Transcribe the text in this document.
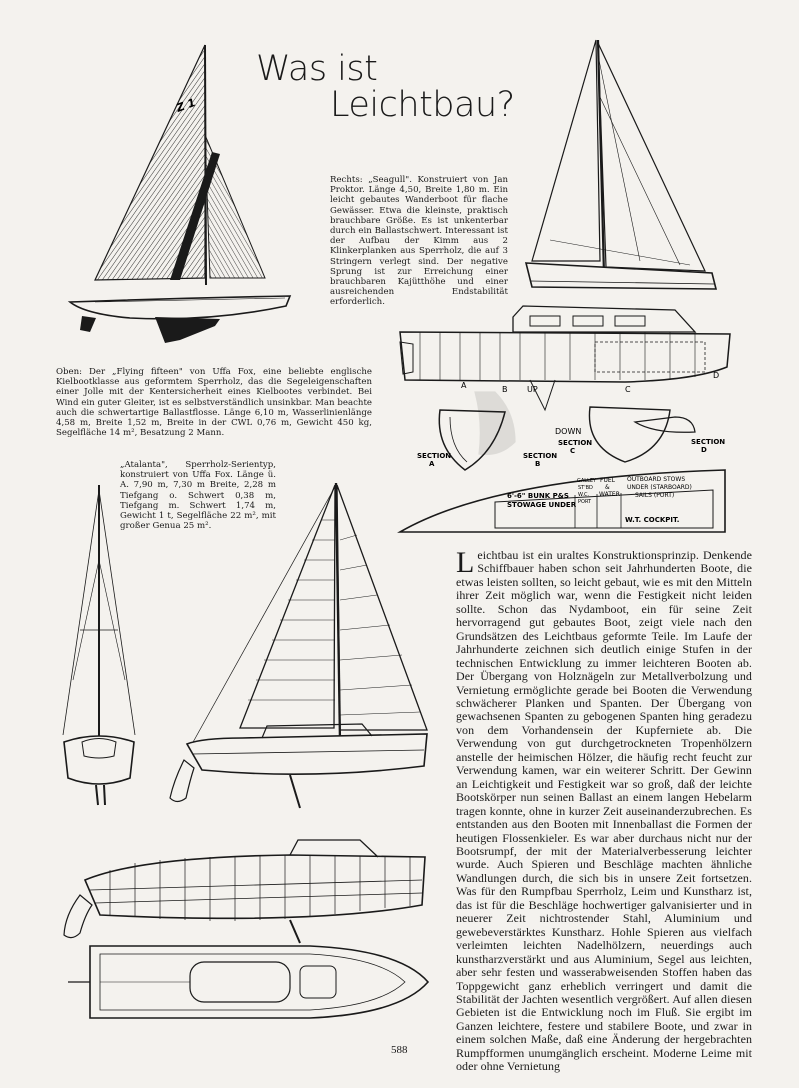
Was ist
Leichtbau?
Z 1

Rechts: „Seagull". Konstruiert von Jan Proktor. Länge 4,50, Breite 1,80 m. Ein leicht gebautes Wanderboot für flache Gewässer. Etwa die kleinste, praktisch brauchbare Größe. Es ist unkenterbar durch ein Ballastschwert. Interessant ist der Aufbau der Kimm aus 2 Klinkerplanken aus Sperrholz, die auf 3 Stringern verlegt sind. Der negative Sprung ist zur Erreichung einer brauchbaren Kajütthöhe und einer ausreichenden Endstabilität erforderlich.

A	B UP	C
D
DOWN
SECTION
A
SECTION
B
SECTION
C
SECTION
D
6'-6" BUNK P&S
STOWAGE UNDER
GALLEY
ST'BD
W.C.
PORT
FUEL
&
WATER
OUTBOARD STOWS
UNDER (STARBOARD)
SAILS (PORT)
W.T. COCKPIT.

Oben: Der „Flying fifteen" von Uffa Fox, eine beliebte englische Kielbootklasse aus geformtem Sperrholz, das die Segeleigenschaften einer Jolle mit der Kentersicherheit eines Kielbootes verbindet. Bei Wind ein guter Gleiter, ist es selbstverständlich unsinkbar. Man beachte auch die schwertartige Ballastflosse. Länge 6,10 m, Wasserlinienlänge 4,58 m, Breite 1,52 m, Breite in der CWL 0,76 m, Gewicht 450 kg, Segelfläche 14 m², Besatzung 2 Mann.

„Atalanta", Sperrholz-Serientyp, konstruiert von Uffa Fox. Länge ü. A. 7,90 m, 7,30 m Breite, 2,28 m Tiefgang o. Schwert 0,38 m, Tiefgang m. Schwert 1,74 m, Gewicht 1 t, Segelfläche 22 m², mit großer Genua 25 m².

Leichtbau ist ein uraltes Konstruktionsprinzip. Denkende Schiffbauer haben schon seit Jahrhunderten Boote, die etwas leisten sollten, so leicht gebaut, wie es mit den Mitteln ihrer Zeit möglich war, wenn die Festigkeit nicht leiden sollte. Schon das Nydamboot, ein für seine Zeit hervorragend gut gebautes Boot, zeigt viele nach den Grundsätzen des Leichtbaus geformte Teile. Im Laufe der Jahrhunderte zeichnen sich deutlich einige Stufen in der technischen Entwicklung zu immer leichteren Booten ab. Der Übergang von Holznägeln zur Metallverbolzung und Vernietung ermöglichte gerade bei Booten die Verwendung schwächerer Planken und Spanten. Der Übergang von gewachsenen Spanten zu gebogenen Spanten hing geradezu von dem Vorhandensein der Kupferniete ab. Die Verwendung von gut durchgetrockneten Tropenhölzern anstelle der heimischen Hölzer, die häufig recht feucht zur Verwendung kamen, war ein weiterer Schritt. Der Gewinn an Leichtigkeit und Festigkeit war so groß, daß der leichte Bootskörper nun seinen Ballast an einem langen Hebelarm tragen konnte, ohne in kurzer Zeit auseinanderzubrechen. Es entstanden aus den Booten mit Innenballast die Formen der heutigen Flossenkieler. Es war aber durchaus nicht nur der Bootsrumpf, der mit der Materialverbesserung leichter wurde. Auch Spieren und Beschläge machten ähnliche Wandlungen durch, die sich bis in unsere Zeit fortsetzen. Was für den Rumpfbau Sperrholz, Leim und Kunstharz ist, das ist für die Beschläge hochwertiger galvanisierter und in neuerer Zeit nichtrostender Stahl, Aluminium und gewebeverstärktes Kunstharz. Hohle Spieren aus vielfach verleimten leichten Nadelhölzern, neuerdings auch kunstharzverstärkt und aus Aluminium, Segel aus leichten, aber sehr festen und wasserabweisenden Stoffen haben das Toppgewicht ganz erheblich verringert und damit die Stabilität der Jachten wesentlich vergrößert. Auf allen diesen Gebieten ist die Entwicklung noch im Fluß. Sie ergibt im Ganzen leichtere, festere und stabilere Boote, und zwar in einem solchen Maße, daß eine Änderung der hergebrachten Rumpfformen unumgänglich erscheint. Moderne Leime mit oder ohne Vernietung

588
